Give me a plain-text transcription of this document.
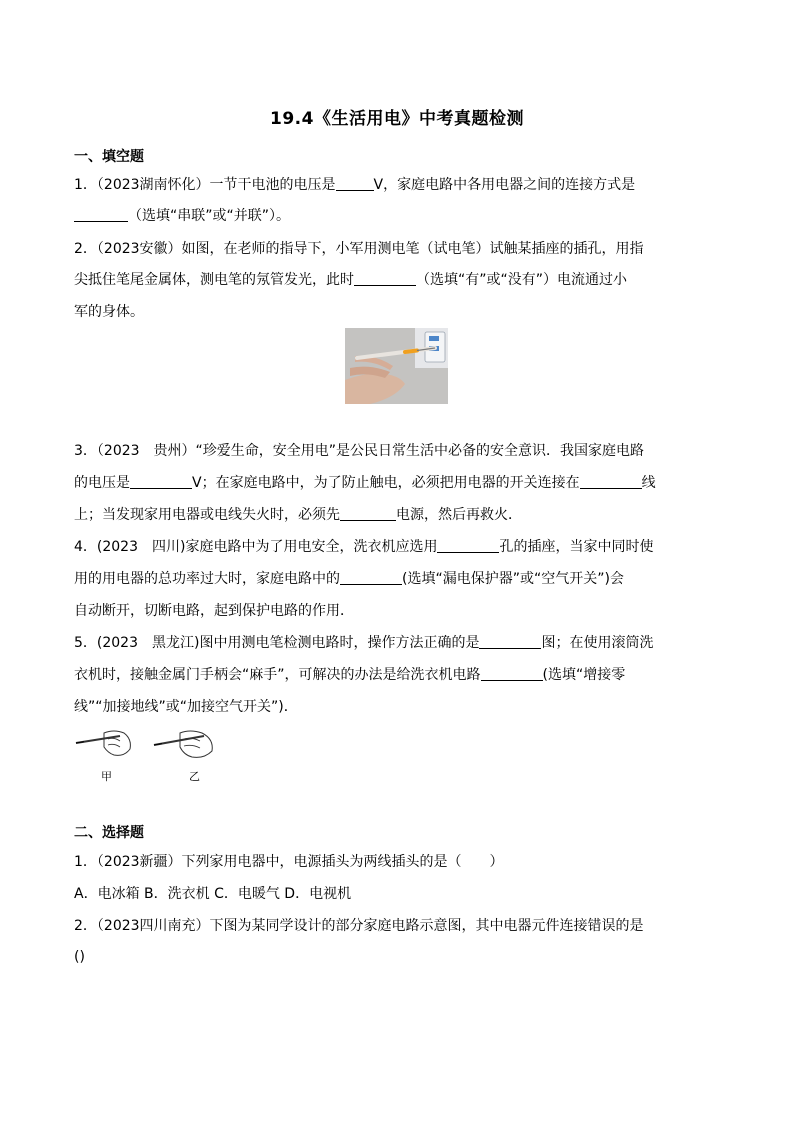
19.4《生活用电》中考真题检测
一、填空题
1．（2023湖南怀化）一节干电池的电压是	V，家庭电路中各用电器之间的连接方式是
（选填“串联”或“并联”）。
2．（2023安徽）如图，在老师的指导下，小军用测电笔（试电笔）试触某插座的插孔，用指
尖抵住笔尾金属体，测电笔的氖管发光，此时	（选填“有”或“没有”）电流通过小
军的身体。
3．（2023　贵州）“珍爱生命，安全用电”是公民日常生活中必备的安全意识．我国家庭电路
的电压是	V；在家庭电路中，为了防止触电，必须把用电器的开关连接在	线
上；当发现家用电器或电线失火时，必须先	电源，然后再救火．
4．(2023　四川)家庭电路中为了用电安全，洗衣机应选用	孔的插座，当家中同时使
用的用电器的总功率过大时，家庭电路中的	(选填“漏电保护器”或“空气开关”)会
自动断开，切断电路，起到保护电路的作用．
5．(2023　黑龙江)图中用测电笔检测电路时，操作方法正确的是	图；在使用滚筒洗
衣机时，接触金属门手柄会“麻手”，可解决的办法是给洗衣机电路	(选填“增接零
线”“加接地线”或“加接空气开关”)．
甲	乙
二、选择题
1．（2023新疆）下列家用电器中，电源插头为两线插头的是（　　）
A．电冰箱 B．洗衣机 C．电暖气 D．电视机
2．（2023四川南充）下图为某同学设计的部分家庭电路示意图，其中电器元件连接错误的是
()
